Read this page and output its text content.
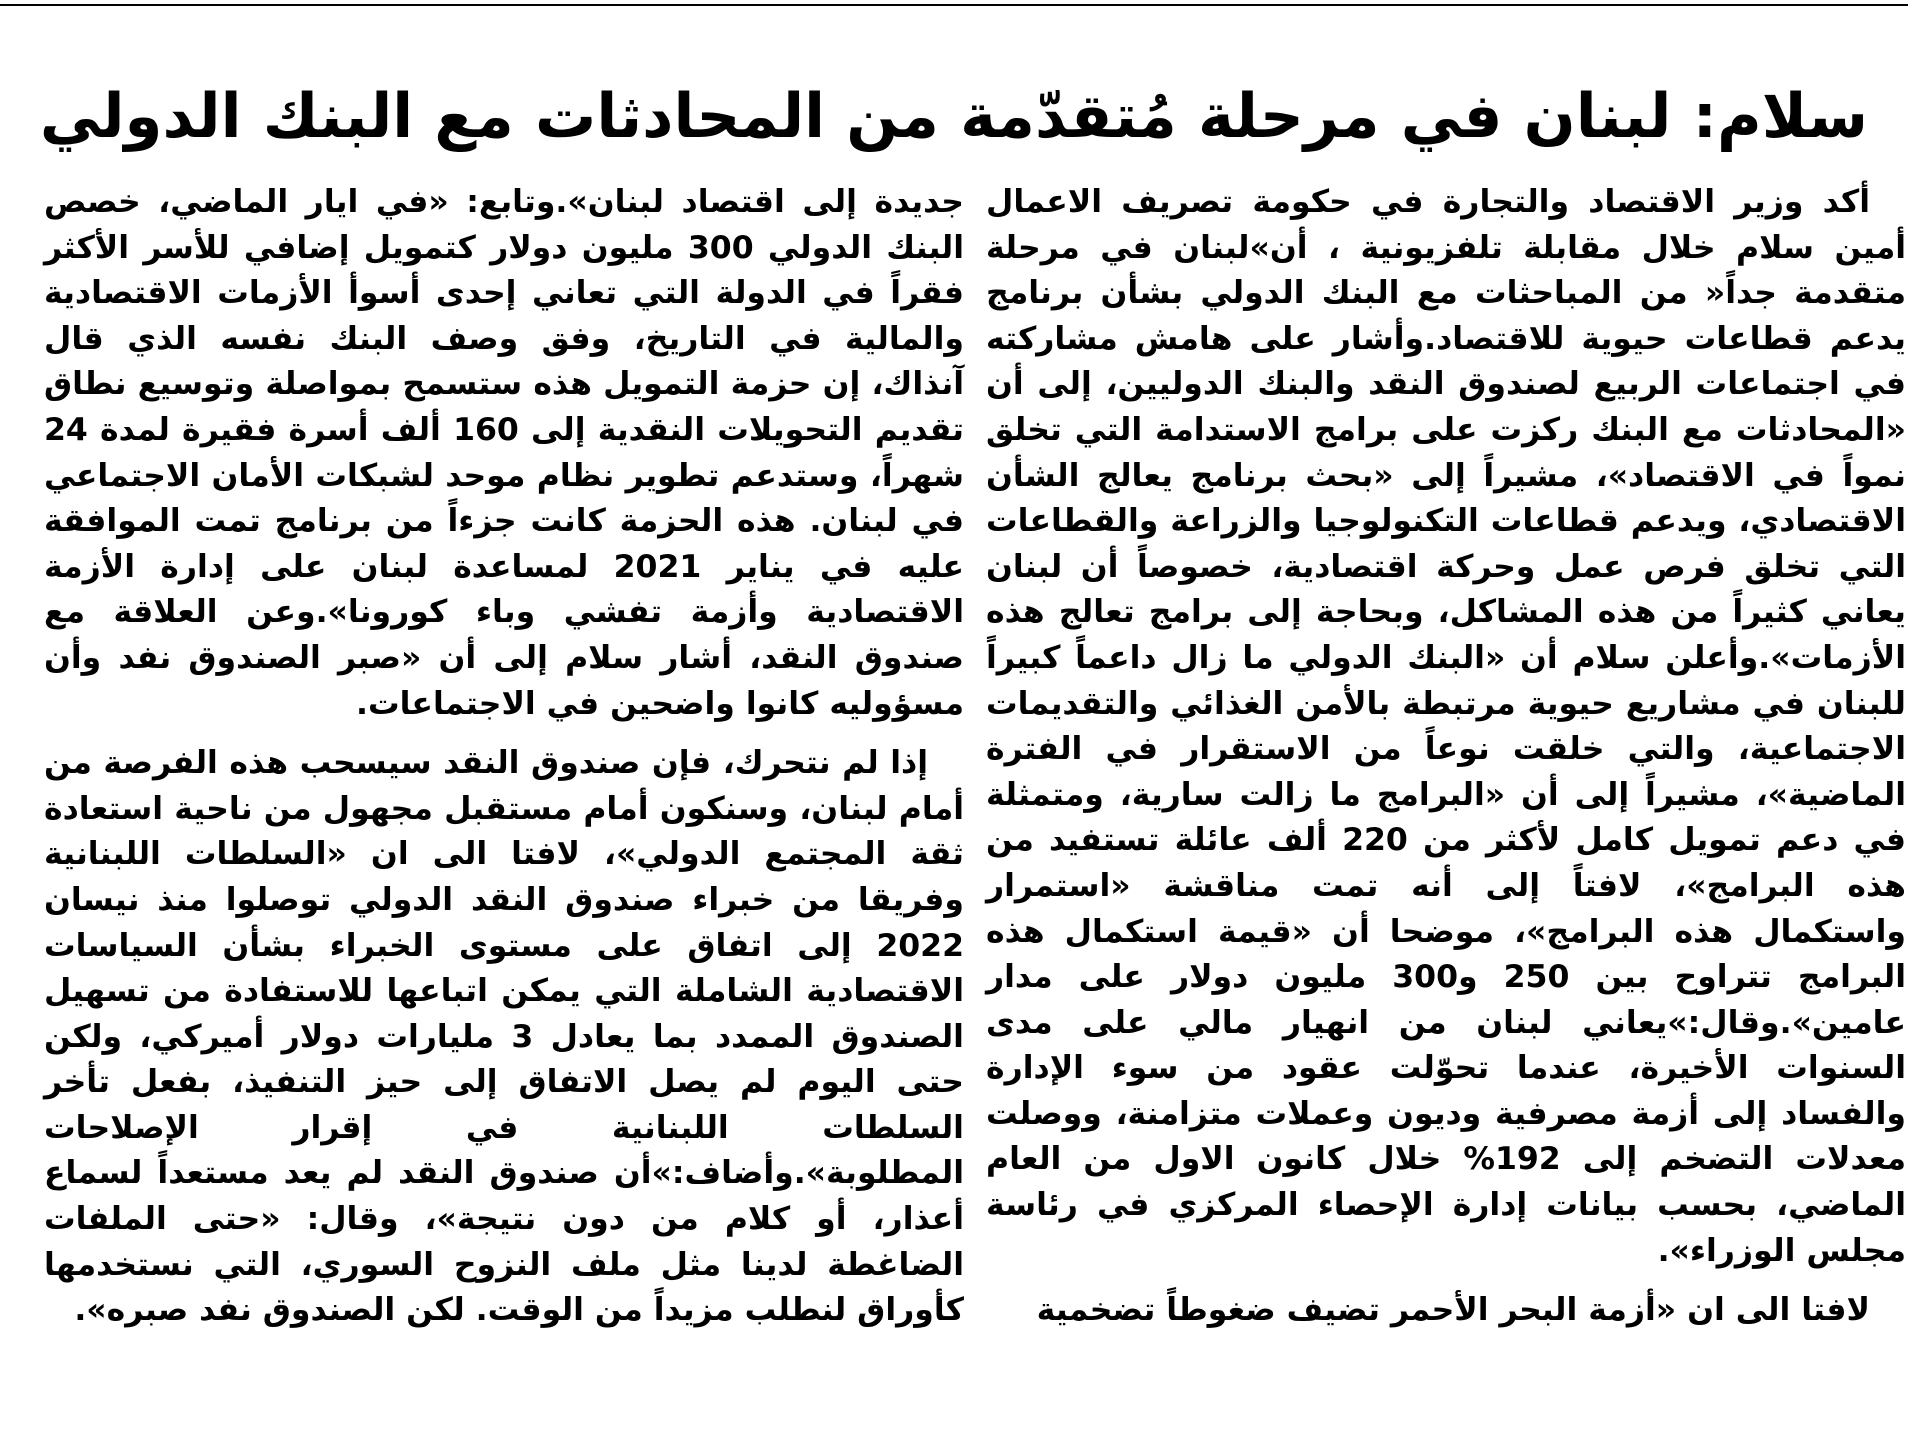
سلام: لبنان في مرحلة مُتقدّمة من المحادثات مع البنك الدولي

أكد وزير الاقتصاد والتجارة في حكومة تصريف الاعمال أمين سلام خلال مقابلة تلفزيونية ، أن»لبنان في مرحلة متقدمة جداً« من المباحثات مع البنك الدولي بشأن برنامج يدعم قطاعات حيوية للاقتصاد.وأشار على هامش مشاركته في اجتماعات الربيع لصندوق النقد والبنك الدوليين، إلى أن «المحادثات مع البنك ركزت على برامج الاستدامة التي تخلق نمواً في الاقتصاد»، مشيراً إلى «بحث برنامج يعالج الشأن الاقتصادي، ويدعم قطاعات التكنولوجيا والزراعة والقطاعات التي تخلق فرص عمل وحركة اقتصادية، خصوصاً أن لبنان يعاني كثيراً من هذه المشاكل، وبحاجة إلى برامج تعالج هذه الأزمات».وأعلن سلام أن «البنك الدولي ما زال داعماً كبيراً للبنان في مشاريع حيوية مرتبطة بالأمن الغذائي والتقديمات الاجتماعية، والتي خلقت نوعاً من الاستقرار في الفترة الماضية»، مشيراً إلى أن «البرامج ما زالت سارية، ومتمثلة في دعم تمويل كامل لأكثر من 220 ألف عائلة تستفيد من هذه البرامج»، لافتاً إلى أنه تمت مناقشة «استمرار واستكمال هذه البرامج»، موضحا أن «قيمة استكمال هذه البرامج تتراوح بين 250 و300 مليون دولار على مدار عامين».وقال:»يعاني لبنان من انهيار مالي على مدى السنوات الأخيرة، عندما تحوّلت عقود من سوء الإدارة والفساد إلى أزمة مصرفية وديون وعملات متزامنة، ووصلت معدلات التضخم إلى 192% خلال كانون الاول من العام الماضي، بحسب بيانات إدارة الإحصاء المركزي في رئاسة مجلس الوزراء».

لافتا الى ان «أزمة البحر الأحمر تضيف ضغوطاً تضخمية

جديدة إلى اقتصاد لبنان».وتابع: «في ايار الماضي، خصص البنك الدولي 300 مليون دولار كتمويل إضافي للأسر الأكثر فقراً في الدولة التي تعاني إحدى أسوأ الأزمات الاقتصادية والمالية في التاريخ، وفق وصف البنك نفسه الذي قال آنذاك، إن حزمة التمويل هذه ستسمح بمواصلة وتوسيع نطاق تقديم التحويلات النقدية إلى 160 ألف أسرة فقيرة لمدة 24 شهراً، وستدعم تطوير نظام موحد لشبكات الأمان الاجتماعي في لبنان. هذه الحزمة كانت جزءاً من برنامج تمت الموافقة عليه في يناير 2021 لمساعدة لبنان على إدارة الأزمة الاقتصادية وأزمة تفشي وباء كورونا».وعن العلاقة مع صندوق النقد، أشار سلام إلى أن «صبر الصندوق نفد وأن مسؤوليه كانوا واضحين في الاجتماعات.

إذا لم نتحرك، فإن صندوق النقد سيسحب هذه الفرصة من أمام لبنان، وسنكون أمام مستقبل مجهول من ناحية استعادة ثقة المجتمع الدولي»، لافتا الى ان «السلطات اللبنانية وفريقا من خبراء صندوق النقد الدولي توصلوا منذ نيسان 2022 إلى اتفاق على مستوى الخبراء بشأن السياسات الاقتصادية الشاملة التي يمكن اتباعها للاستفادة من تسهيل الصندوق الممدد بما يعادل 3 مليارات دولار أميركي، ولكن حتى اليوم لم يصل الاتفاق إلى حيز التنفيذ، بفعل تأخر السلطات اللبنانية في إقرار الإصلاحات المطلوبة».وأضاف:»أن صندوق النقد لم يعد مستعداً لسماع أعذار، أو كلام من دون نتيجة»، وقال: «حتى الملفات الضاغطة لدينا مثل ملف النزوح السوري، التي نستخدمها كأوراق لنطلب مزيداً من الوقت. لكن الصندوق نفد صبره».
